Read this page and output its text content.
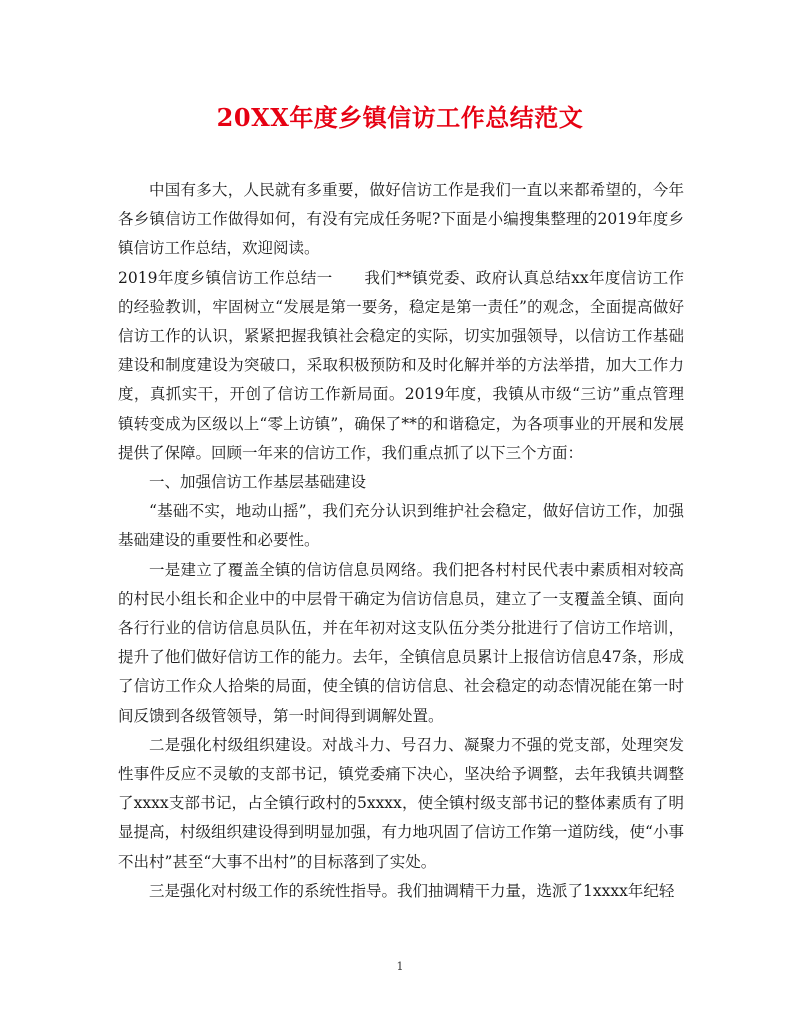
20XX年度乡镇信访工作总结范文

中国有多大，人民就有多重要，做好信访工作是我们一直以来都希望的，今年各乡镇信访工作做得如何，有没有完成任务呢?下面是小编搜集整理的2019年度乡镇信访工作总结，欢迎阅读。

2019年度乡镇信访工作总结一　　我们**镇党委、政府认真总结xx年度信访工作的经验教训，牢固树立“发展是第一要务，稳定是第一责任”的观念，全面提高做好信访工作的认识，紧紧把握我镇社会稳定的实际，切实加强领导，以信访工作基础建设和制度建设为突破口，采取积极预防和及时化解并举的方法举措，加大工作力度，真抓实干，开创了信访工作新局面。2019年度，我镇从市级“三访”重点管理镇转变成为区级以上“零上访镇”，确保了**的和谐稳定，为各项事业的开展和发展提供了保障。回顾一年来的信访工作，我们重点抓了以下三个方面：

一、加强信访工作基层基础建设

“基础不实，地动山摇”，我们充分认识到维护社会稳定，做好信访工作，加强基础建设的重要性和必要性。

一是建立了覆盖全镇的信访信息员网络。我们把各村村民代表中素质相对较高的村民小组长和企业中的中层骨干确定为信访信息员，建立了一支覆盖全镇、面向各行行业的信访信息员队伍，并在年初对这支队伍分类分批进行了信访工作培训，提升了他们做好信访工作的能力。去年，全镇信息员累计上报信访信息47条，形成了信访工作众人拾柴的局面，使全镇的信访信息、社会稳定的动态情况能在第一时间反馈到各级管领导，第一时间得到调解处置。

二是强化村级组织建设。对战斗力、号召力、凝聚力不强的党支部，处理突发性事件反应不灵敏的支部书记，镇党委痛下决心，坚决给予调整，去年我镇共调整了xxxx支部书记，占全镇行政村的5xxxx，使全镇村级支部书记的整体素质有了明显提高，村级组织建设得到明显加强，有力地巩固了信访工作第一道防线，使“小事不出村”甚至“大事不出村”的目标落到了实处。

三是强化对村级工作的系统性指导。我们抽调精干力量，选派了1xxxx年纪轻

1
